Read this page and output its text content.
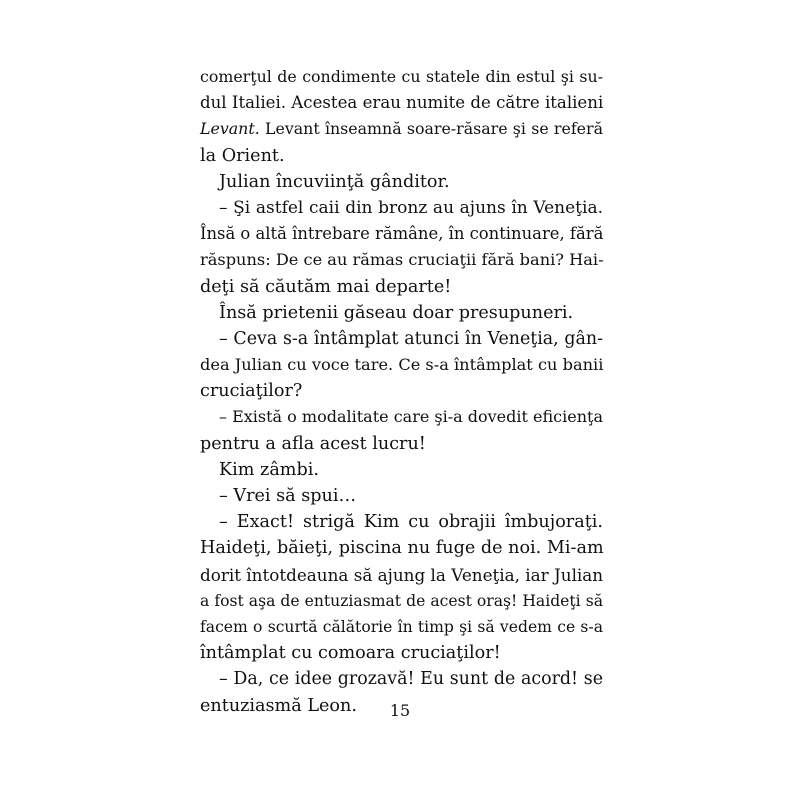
comerţul de condimente cu statele din estul şi su-
dul Italiei. Acestea erau numite de către italieni
Levant. Levant înseamnă soare-răsare şi se referă
la Orient.
Julian încuviinţă gânditor.
– Şi astfel caii din bronz au ajuns în Veneţia.
Însă o altă întrebare rămâne, în continuare, fără
răspuns: De ce au rămas cruciaţii fără bani? Hai-
deţi să căutăm mai departe!
Însă prietenii găseau doar presupuneri.
– Ceva s-a întâmplat atunci în Veneţia, gân-
dea Julian cu voce tare. Ce s-a întâmplat cu banii
cruciaţilor?
– Există o modalitate care şi-a dovedit eficienţa
pentru a afla acest lucru!
Kim zâmbi.
– Vrei să spui…
– Exact! strigă Kim cu obrajii îmbujoraţi.
Haideţi, băieţi, piscina nu fuge de noi. Mi-am
dorit întotdeauna să ajung la Veneţia, iar Julian
a fost aşa de entuziasmat de acest oraş! Haideţi să
facem o scurtă călătorie în timp şi să vedem ce s-a
întâmplat cu comoara cruciaţilor!
– Da, ce idee grozavă! Eu sunt de acord! se
entuziasmă Leon.	15
